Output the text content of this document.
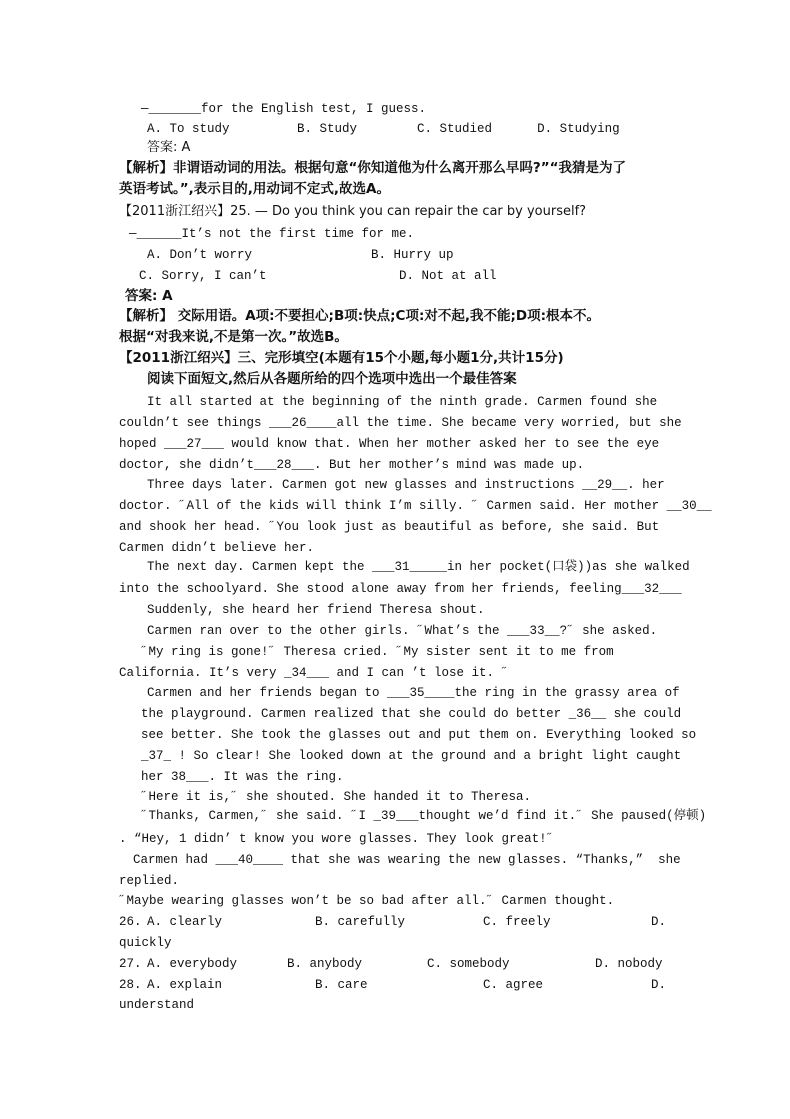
—_______for the English test, I guess.
A. To study         B. Study        C. Studied      D. Studying
答案: A
【解析】非谓语动词的用法。根据句意“你知道他为什么离开那么早吗?”“我猜是为了
英语考试。”,表示目的,用动词不定式,故选A。
【2011浙江绍兴】25. — Do you think you can repair the car by yourself?
—______It’s not the first time for me.
A. Don’t worry	B. Hurry up
C. Sorry, I can’t	D. Not at all
答案: A
【解析】 交际用语。A项:不要担心;B项:快点;C项:对不起,我不能;D项:根本不。
根据“对我来说,不是第一次。”故选B。
【2011浙江绍兴】三、完形填空(本题有15个小题,每小题1分,共计15分)
阅读下面短文,然后从各题所给的四个选项中选出一个最佳答案
It all started at the beginning of the ninth grade. Carmen found she
couldn’t see things ___26____all the time. She became very worried, but she
hoped ___27___ would know that. When her mother asked her to see the eye
doctor, she didn’t___28___. But her mother’s mind was made up.
Three days later. Carmen got new glasses and instructions __29__. her
doctor. ˝All of the kids will think I’m silly. ˝ Carmen said. Her mother __30__
and shook her head. ˝You look just as beautiful as before, she said. But
Carmen didn’t believe her.
The next day. Carmen kept the ___31_____in her pocket(口袋))as she walked
into the schoolyard. She stood alone away from her friends, feeling___32___
Suddenly, she heard her friend Theresa shout.
Carmen ran over to the other girls. ˝What’s the ___33__?˝ she asked.
˝My ring is gone!˝ Theresa cried. ˝My sister sent it to me from
California. It’s very _34___ and I can ’t lose it. ˝
Carmen and her friends began to ___35____the ring in the grassy area of
the playground. Carmen realized that she could do better _36__ she could
see better. She took the glasses out and put them on. Everything looked so
_37_ ! So clear! She looked down at the ground and a bright light caught
her 38___. It was the ring.
˝Here it is,˝ she shouted. She handed it to Theresa.
˝Thanks, Carmen,˝ she said. ˝I _39___thought we’d find it.˝ She paused(停顿)
. “Hey, 1 didn’ t know you wore glasses. They look great!˝
Carmen had ___40____ that she was wearing the new glasses. “Thanks,”  she
replied.
˝Maybe wearing glasses won’t be so bad after all.˝ Carmen thought.
26. A. clearly	B. carefully	C. freely	D.
quickly
27. A. everybody	B. anybody	C. somebody	D. nobody
28. A. explain	B. care	C. agree	D.
understand
